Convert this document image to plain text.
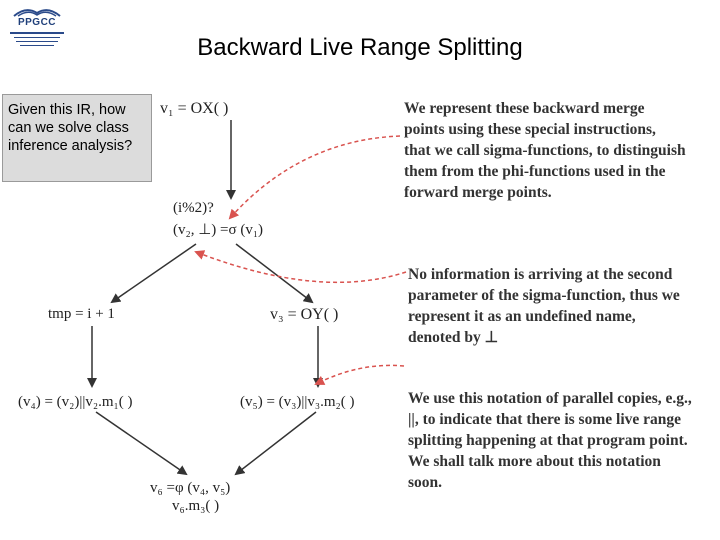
PPGCC
Backward Live Range Splitting
Given this IR, how can we solve class inference analysis?
v₁ = OX( )
(i%2)?
(v₂, ⊥) =σ (v₁)
tmp = i + 1	v₃ = OY( )
(v₄) = (v₂)||v₂.m₁( )	(v₅) = (v₃)||v₃.m₂( )
v₆ =φ (v₄, v₅)
v₆.m₃( )
We represent these backward merge points using these special instructions, that we call sigma-functions, to distinguish them from the phi-functions used in the forward merge points.
No information is arriving at the second parameter of the sigma-function, thus we represent it as an undefined name, denoted by ⊥
We use this notation of parallel copies, e.g., ||, to indicate that there is some live range splitting happening at that program point. We shall talk more about this notation soon.
